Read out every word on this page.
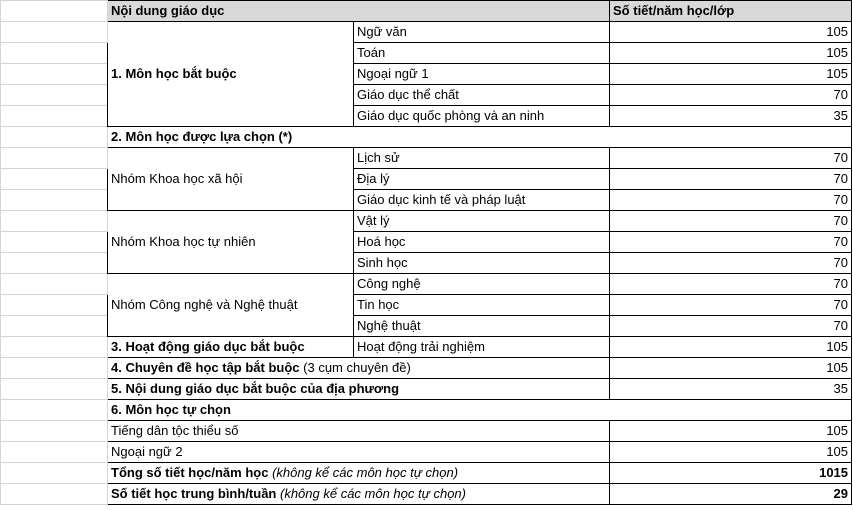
	Nội dung giáo dục		Số tiết/năm học/lớp
	1. Môn học bắt buộc	Ngữ văn	105
		Toán	105
		Ngoại ngữ 1	105
		Giáo dục thể chất	70
		Giáo dục quốc phòng và an ninh	35
	2. Môn học được lựa chọn (*)		
	Nhóm Khoa học xã hội	Lịch sử	70
		Địa lý	70
		Giáo dục kinh tế và pháp luật	70
	Nhóm Khoa học tự nhiên	Vật lý	70
		Hoá học	70
		Sinh học	70
	Nhóm Công nghệ và Nghệ thuật	Công nghệ	70
		Tin học	70
		Nghệ thuật	70
	3. Hoạt động giáo dục bắt buộc	Hoạt động trải nghiệm	105
	4. Chuyên đề học tập bắt buộc (3 cụm chuyên đề)		105
	5. Nội dung giáo dục bắt buộc của địa phương		35
	6. Môn học tự chọn		
	Tiếng dân tộc thiểu số		105
	Ngoại ngữ 2		105
	Tổng số tiết học/năm học (không kể các môn học tự chọn)		1015
	Số tiết học trung bình/tuần (không kể các môn học tự chọn)		29
